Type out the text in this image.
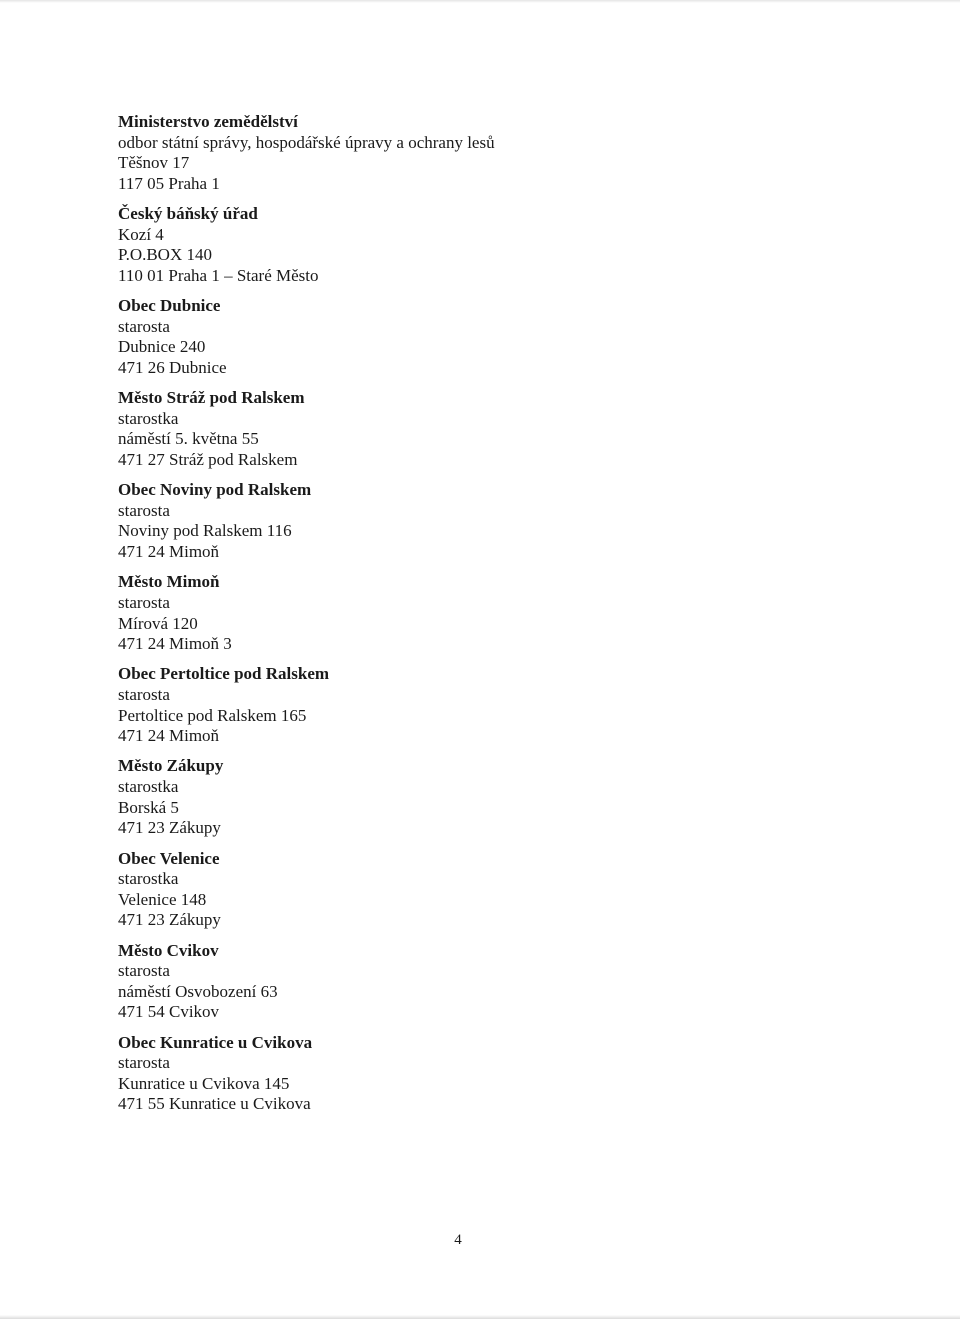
Ministerstvo zemědělství
odbor státní správy, hospodářské úpravy a ochrany lesů
Těšnov 17
117 05 Praha 1
Český báňský úřad
Kozí 4
P.O.BOX 140
110 01 Praha 1 – Staré Město
Obec Dubnice
starosta
Dubnice 240
471 26 Dubnice
Město Stráž pod Ralskem
starostka
náměstí 5. května 55
471 27 Stráž pod Ralskem
Obec Noviny pod Ralskem
starosta
Noviny pod Ralskem 116
471 24 Mimoň
Město Mimoň
starosta
Mírová 120
471 24 Mimoň 3
Obec Pertoltice pod Ralskem
starosta
Pertoltice pod Ralskem 165
471 24 Mimoň
Město Zákupy
starostka
Borská 5
471 23 Zákupy
Obec Velenice
starostka
Velenice 148
471 23 Zákupy
Město Cvikov
starosta
náměstí Osvobození 63
471 54 Cvikov
Obec Kunratice u Cvikova
starosta
Kunratice u Cvikova 145
471 55 Kunratice u Cvikova
4
